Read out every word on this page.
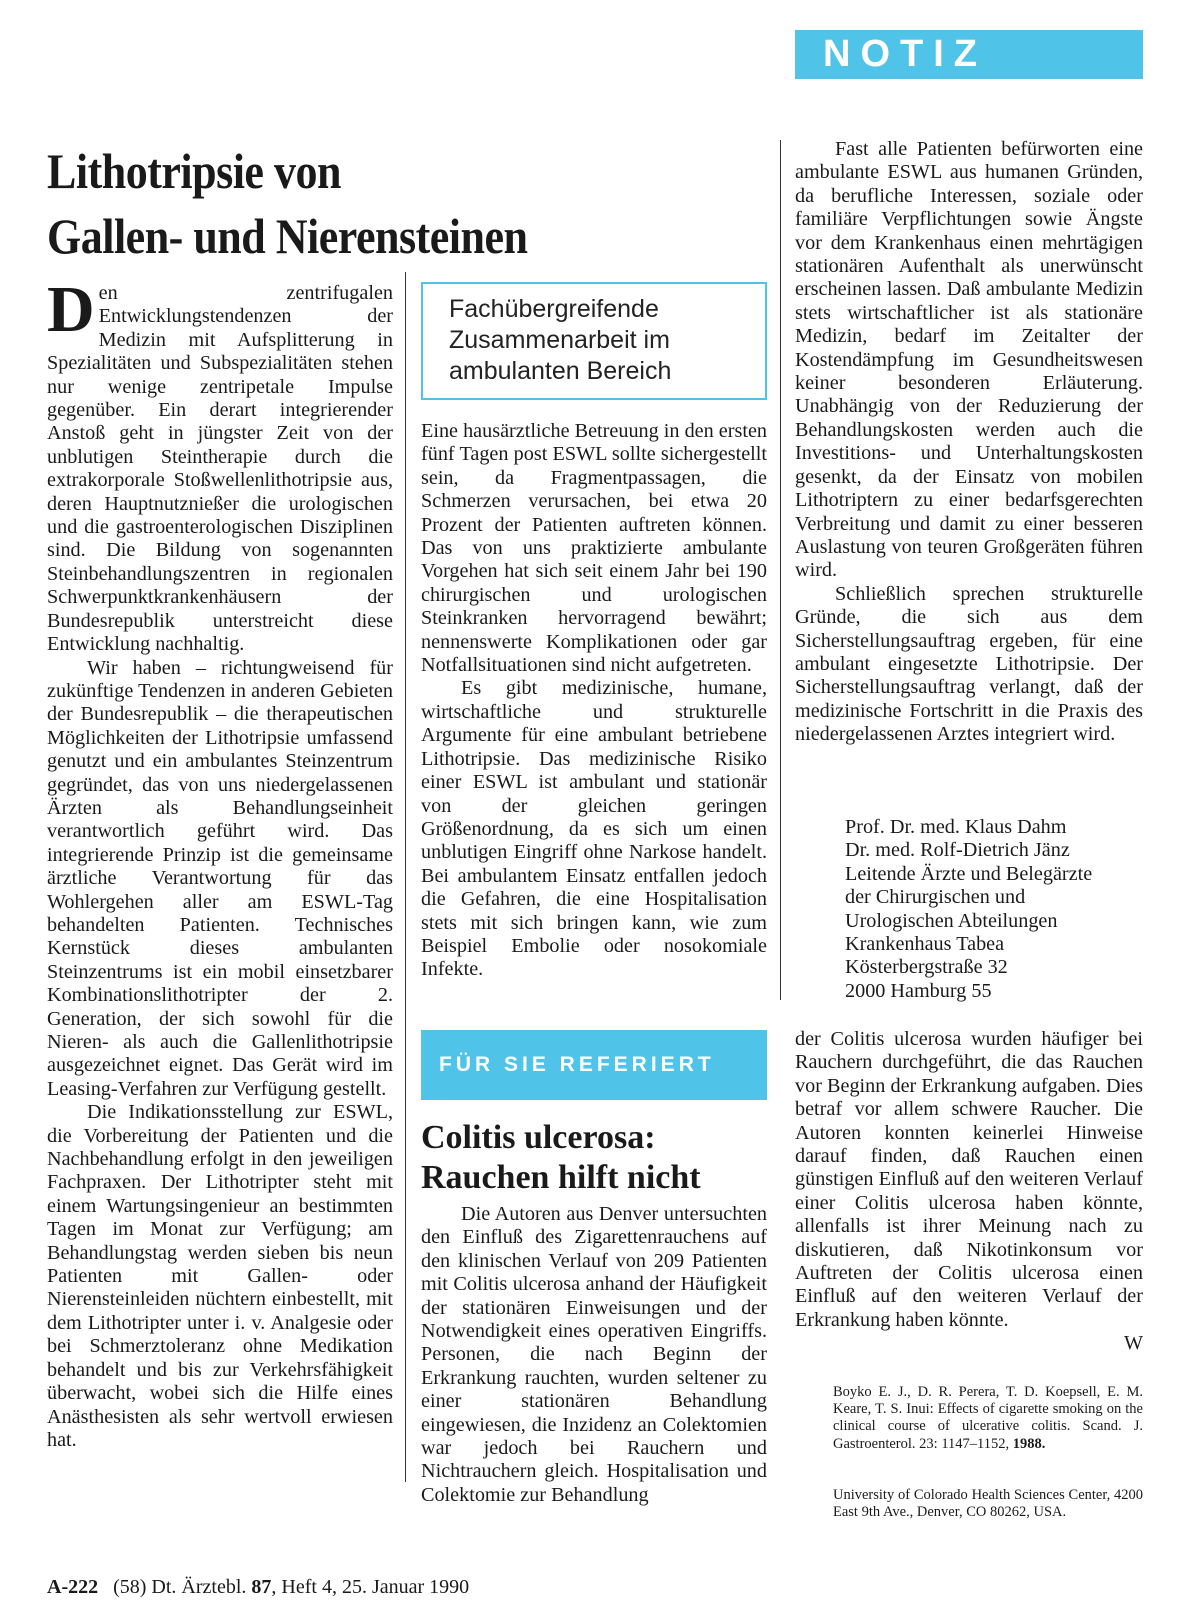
NOTIZ
Lithotripsie von
Gallen- und Nierensteinen

Den zentrifugalen Entwicklungstendenzen der Medizin mit Aufsplitterung in Spezialitäten und Subspezialitäten stehen nur wenige zentripetale Impulse gegenüber. Ein derart integrierender Anstoß geht in jüngster Zeit von der unblutigen Steintherapie durch die extrakorporale Stoßwellenlithotripsie aus, deren Hauptnutznießer die urologischen und die gastroenterologischen Disziplinen sind. Die Bildung von sogenannten Steinbehandlungszentren in regionalen Schwerpunktkrankenhäusern der Bundesrepublik unterstreicht diese Entwicklung nachhaltig.

Wir haben – richtungweisend für zukünftige Tendenzen in anderen Gebieten der Bundesrepublik – die therapeutischen Möglichkeiten der Lithotripsie umfassend genutzt und ein ambulantes Steinzentrum gegründet, das von uns niedergelassenen Ärzten als Behandlungseinheit verantwortlich geführt wird. Das integrierende Prinzip ist die gemeinsame ärztliche Verantwortung für das Wohlergehen aller am ESWL-Tag behandelten Patienten. Technisches Kernstück dieses ambulanten Steinzentrums ist ein mobil einsetzbarer Kombinationslithotripter der 2. Generation, der sich sowohl für die Nieren- als auch die Gallenlithotripsie ausgezeichnet eignet. Das Gerät wird im Leasing-Verfahren zur Verfügung gestellt.

Die Indikationsstellung zur ESWL, die Vorbereitung der Patienten und die Nachbehandlung erfolgt in den jeweiligen Fachpraxen. Der Lithotripter steht mit einem Wartungsingenieur an bestimmten Tagen im Monat zur Verfügung; am Behandlungstag werden sieben bis neun Patienten mit Gallen- oder Nierensteinleiden nüchtern einbestellt, mit dem Lithotripter unter i. v. Analgesie oder bei Schmerztoleranz ohne Medikation behandelt und bis zur Verkehrsfähigkeit überwacht, wobei sich die Hilfe eines Anästhesisten als sehr wertvoll erwiesen hat.

Fachübergreifende
Zusammenarbeit im
ambulanten Bereich

Eine hausärztliche Betreuung in den ersten fünf Tagen post ESWL sollte sichergestellt sein, da Fragmentpassagen, die Schmerzen verursachen, bei etwa 20 Prozent der Patienten auftreten können. Das von uns praktizierte ambulante Vorgehen hat sich seit einem Jahr bei 190 chirurgischen und urologischen Steinkranken hervorragend bewährt; nennenswerte Komplikationen oder gar Notfallsituationen sind nicht aufgetreten.

Es gibt medizinische, humane, wirtschaftliche und strukturelle Argumente für eine ambulant betriebene Lithotripsie. Das medizinische Risiko einer ESWL ist ambulant und stationär von der gleichen geringen Größenordnung, da es sich um einen unblutigen Eingriff ohne Narkose handelt. Bei ambulantem Einsatz entfallen jedoch die Gefahren, die eine Hospitalisation stets mit sich bringen kann, wie zum Beispiel Embolie oder nosokomiale Infekte.

Fast alle Patienten befürworten eine ambulante ESWL aus humanen Gründen, da berufliche Interessen, soziale oder familiäre Verpflichtungen sowie Ängste vor dem Krankenhaus einen mehrtägigen stationären Aufenthalt als unerwünscht erscheinen lassen. Daß ambulante Medizin stets wirtschaftlicher ist als stationäre Medizin, bedarf im Zeitalter der Kostendämpfung im Gesundheitswesen keiner besonderen Erläuterung. Unabhängig von der Reduzierung der Behandlungskosten werden auch die Investitions- und Unterhaltungskosten gesenkt, da der Einsatz von mobilen Lithotriptern zu einer bedarfsgerechten Verbreitung und damit zu einer besseren Auslastung von teuren Großgeräten führen wird.

Schließlich sprechen strukturelle Gründe, die sich aus dem Sicherstellungsauftrag ergeben, für eine ambulant eingesetzte Lithotripsie. Der Sicherstellungsauftrag verlangt, daß der medizinische Fortschritt in die Praxis des niedergelassenen Arztes integriert wird.

Prof. Dr. med. Klaus Dahm
Dr. med. Rolf-Dietrich Jänz
Leitende Ärzte und Belegärzte
der Chirurgischen und
Urologischen Abteilungen
Krankenhaus Tabea
Kösterbergstraße 32
2000 Hamburg 55
FÜR SIE REFERIERT
Colitis ulcerosa:
Rauchen hilft nicht

Die Autoren aus Denver untersuchten den Einfluß des Zigarettenrauchens auf den klinischen Verlauf von 209 Patienten mit Colitis ulcerosa anhand der Häufigkeit der stationären Einweisungen und der Notwendigkeit eines operativen Eingriffs. Personen, die nach Beginn der Erkrankung rauchten, wurden seltener zu einer stationären Behandlung eingewiesen, die Inzidenz an Colektomien war jedoch bei Rauchern und Nichtrauchern gleich. Hospitalisation und Colektomie zur Behandlung

der Colitis ulcerosa wurden häufiger bei Rauchern durchgeführt, die das Rauchen vor Beginn der Erkrankung aufgaben. Dies betraf vor allem schwere Raucher. Die Autoren konnten keinerlei Hinweise darauf finden, daß Rauchen einen günstigen Einfluß auf den weiteren Verlauf einer Colitis ulcerosa haben könnte, allenfalls ist ihrer Meinung nach zu diskutieren, daß Nikotinkonsum vor Auftreten der Colitis ulcerosa einen Einfluß auf den weiteren Verlauf der Erkrankung haben könnte.

W

Boyko E. J., D. R. Perera, T. D. Koepsell, E. M. Keare, T. S. Inui: Effects of cigarette smoking on the clinical course of ulcerative colitis. Scand. J. Gastroenterol. 23: 1147–1152, 1988.
University of Colorado Health Sciences Center, 4200 East 9th Ave., Denver, CO 80262, USA.
A-222 (58) Dt. Ärztebl. 87, Heft 4, 25. Januar 1990
